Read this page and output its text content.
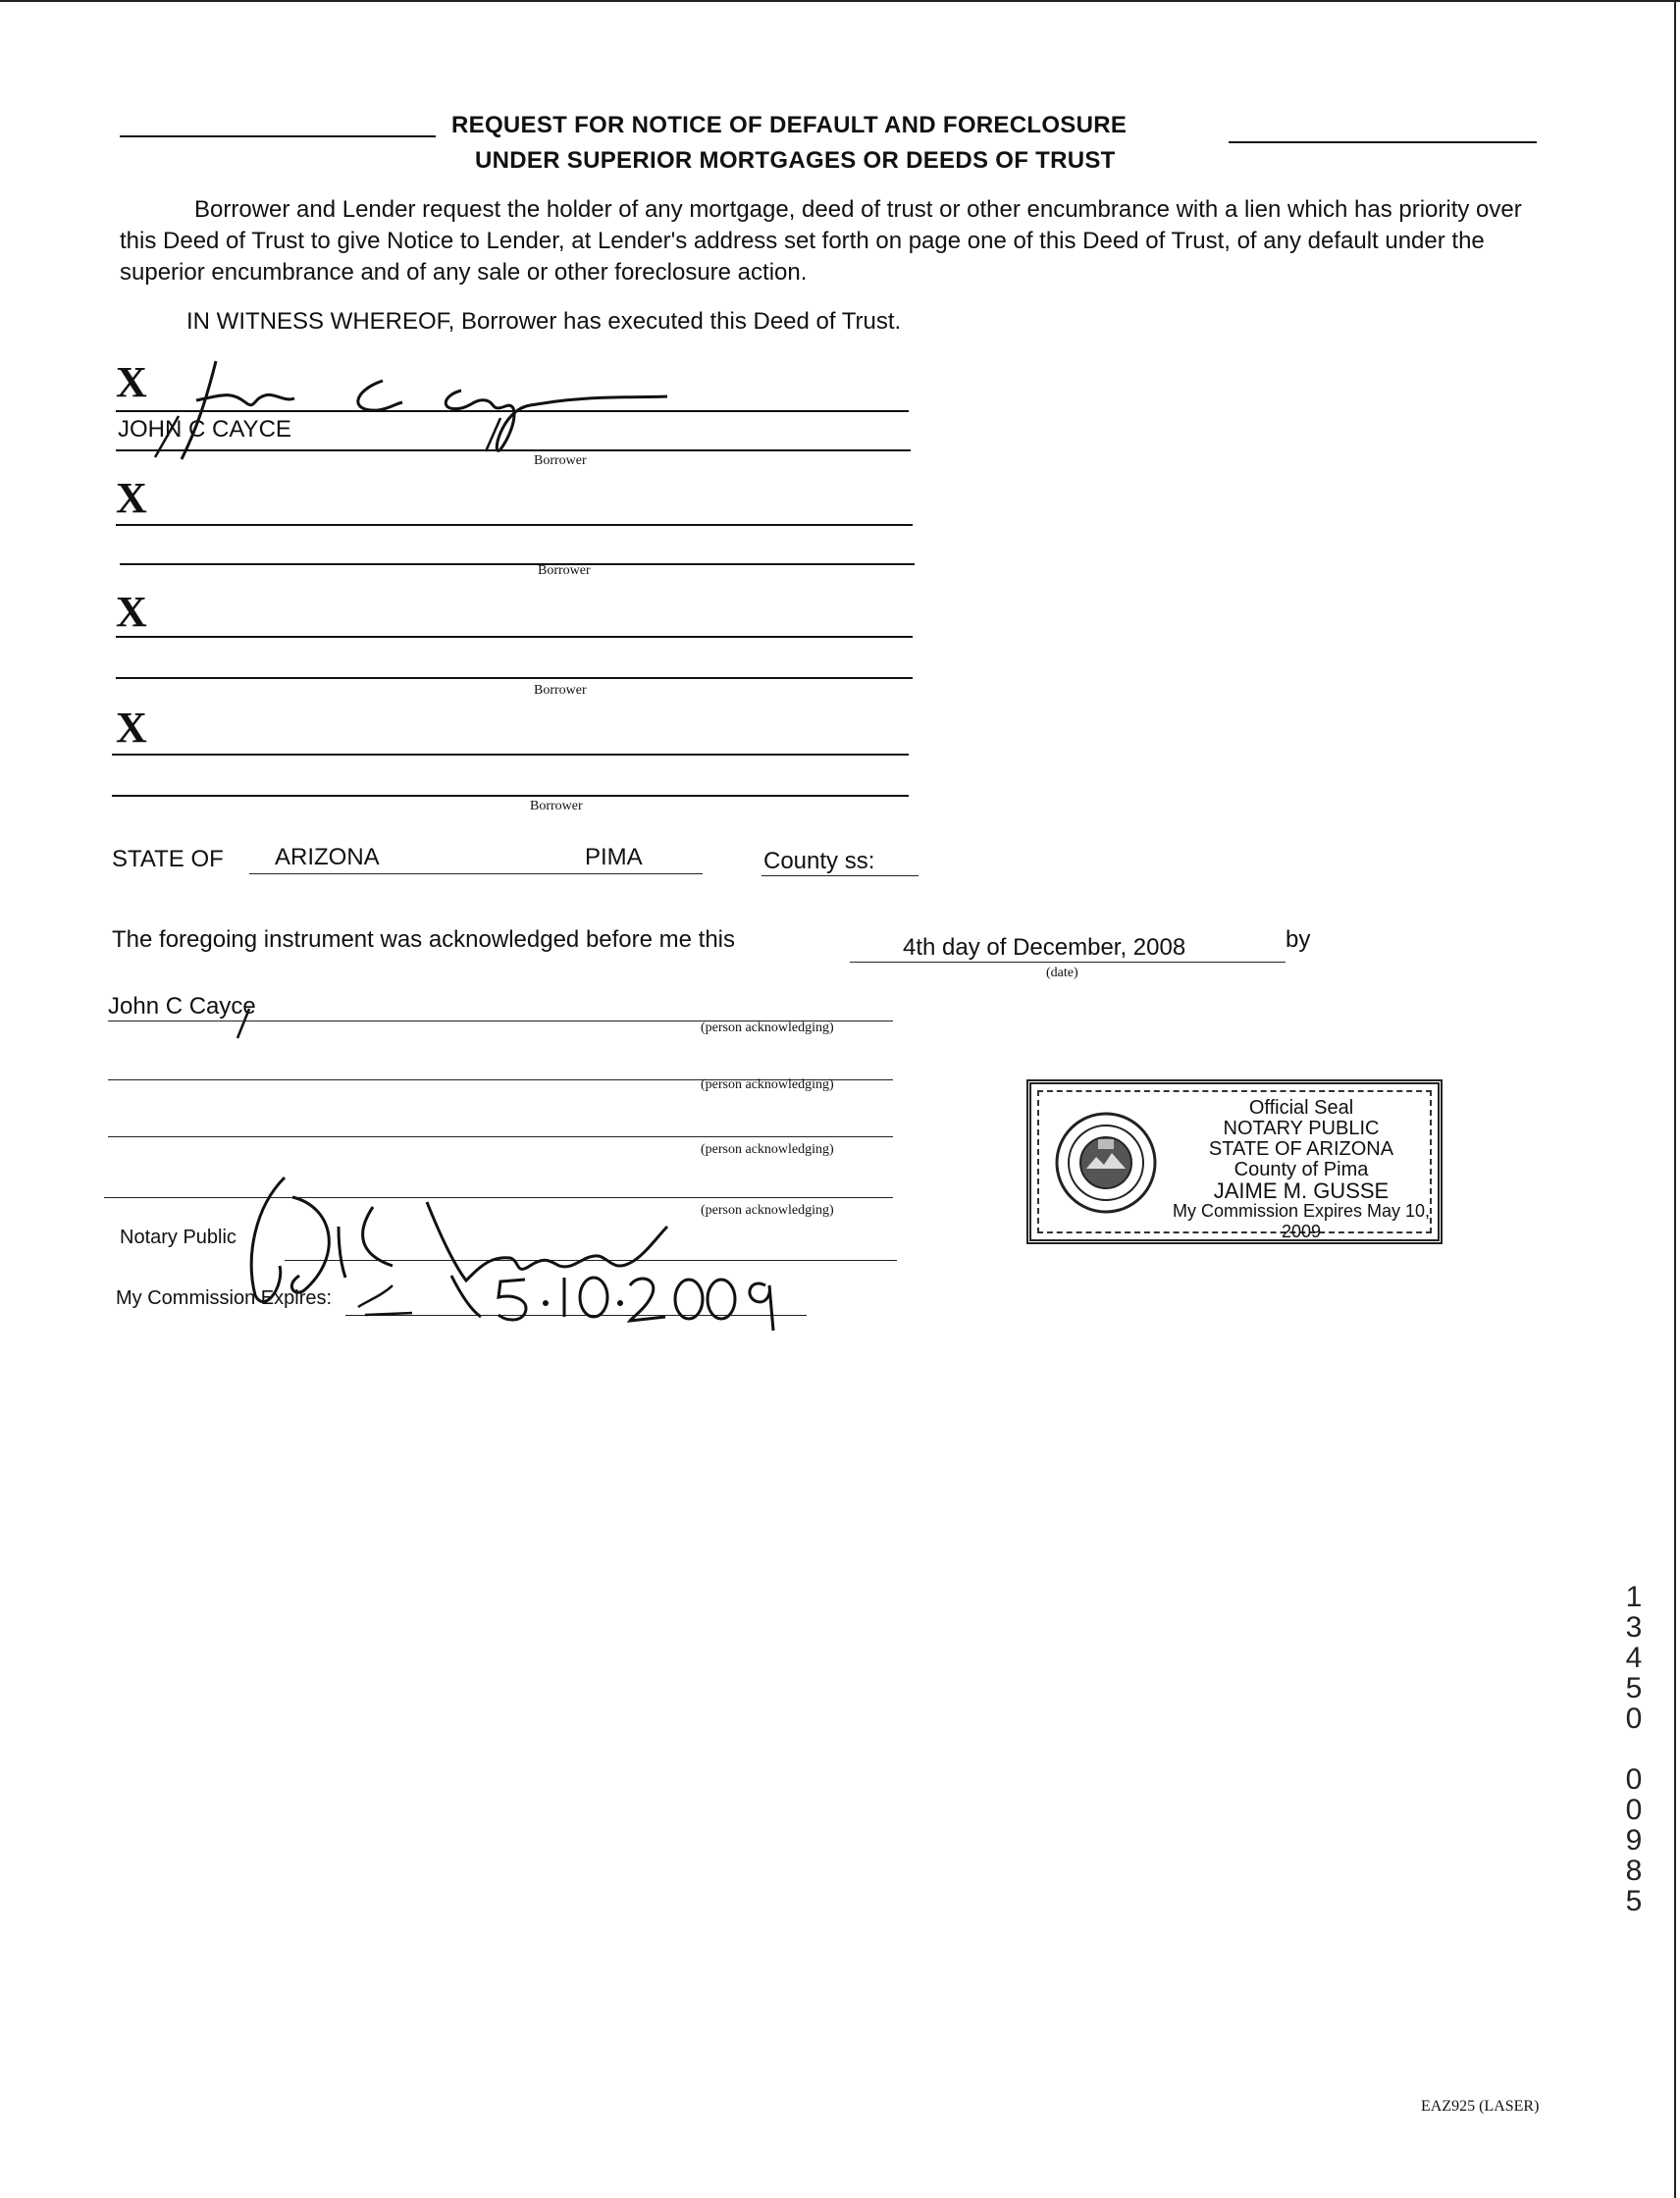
REQUEST FOR NOTICE OF DEFAULT AND FORECLOSURE
UNDER SUPERIOR MORTGAGES OR DEEDS OF TRUST
Borrower and Lender request the holder of any mortgage, deed of trust or other encumbrance with a lien which has priority over this Deed of Trust to give Notice to Lender, at Lender's address set forth on page one of this Deed of Trust, of any default under the superior encumbrance and of any sale or other foreclosure action.
IN WITNESS WHEREOF, Borrower has executed this Deed of Trust.
X
JOHN C CAYCE
Borrower
X
Borrower
X
Borrower
X
Borrower
STATE OF ARIZONA	PIMA	County ss:
The foregoing instrument was acknowledged before me this	4th day of December, 2008
(date)
by
John C Cayce
(person acknowledging)
(person acknowledging)
(person acknowledging)
(person acknowledging)
Notary Public
My Commission Expires:
Official Seal
NOTARY PUBLIC
STATE OF ARIZONA
County of Pima
JAIME M. GUSSE
My Commission Expires May 10, 2009
1
3
4
5
0
0
0
9
8
5
EAZ925 (LASER)
